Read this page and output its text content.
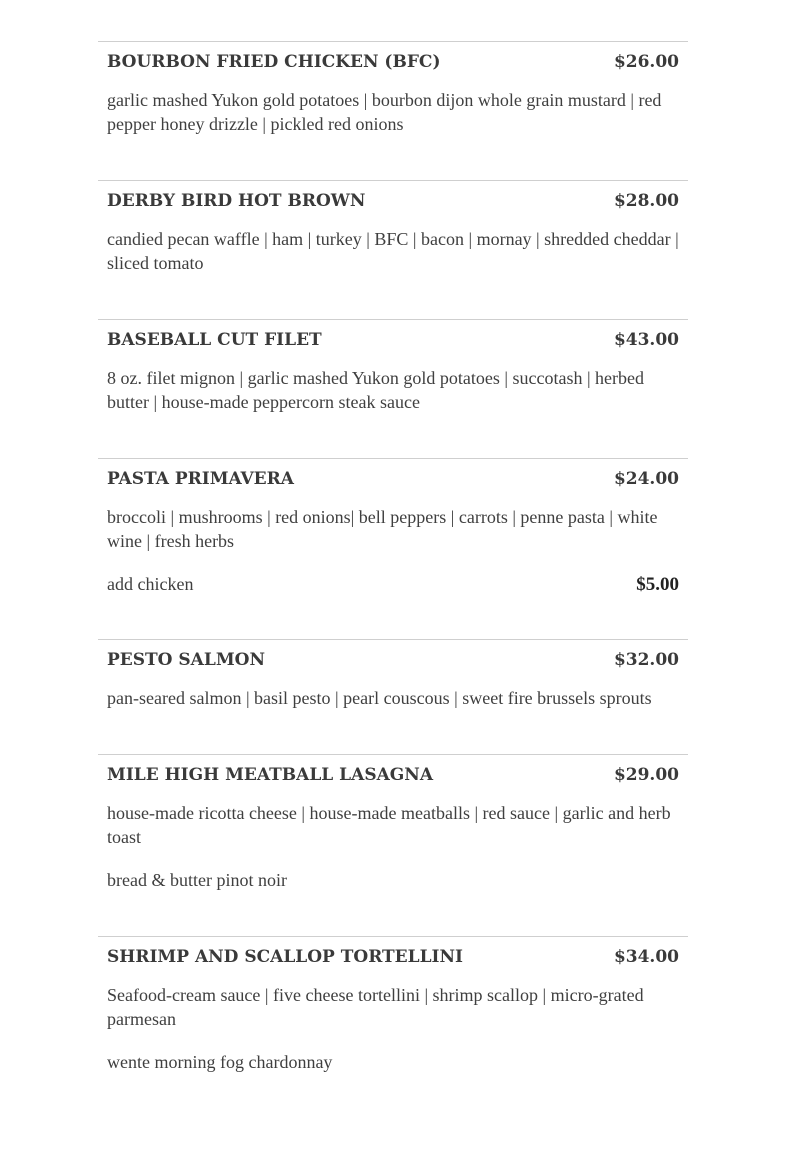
BOURBON FRIED CHICKEN (BFC)	$26.00
garlic mashed Yukon gold potatoes | bourbon dijon whole grain mustard | red pepper honey drizzle | pickled red onions
DERBY BIRD HOT BROWN	$28.00
candied pecan waffle | ham | turkey | BFC | bacon | mornay | shredded cheddar | sliced tomato
BASEBALL CUT FILET	$43.00
8 oz. filet mignon | garlic mashed Yukon gold potatoes | succotash | herbed butter | house-made peppercorn steak sauce
PASTA PRIMAVERA	$24.00
broccoli | mushrooms | red onions| bell peppers | carrots | penne pasta | white wine | fresh herbs
add chicken	$5.00
PESTO SALMON	$32.00
pan-seared salmon | basil pesto | pearl couscous | sweet fire brussels sprouts
MILE HIGH MEATBALL LASAGNA	$29.00
house-made ricotta cheese | house-made meatballs | red sauce | garlic and herb toast
bread & butter pinot noir
SHRIMP AND SCALLOP TORTELLINI	$34.00
Seafood-cream sauce | five cheese tortellini | shrimp scallop | micro-grated parmesan
wente morning fog chardonnay
